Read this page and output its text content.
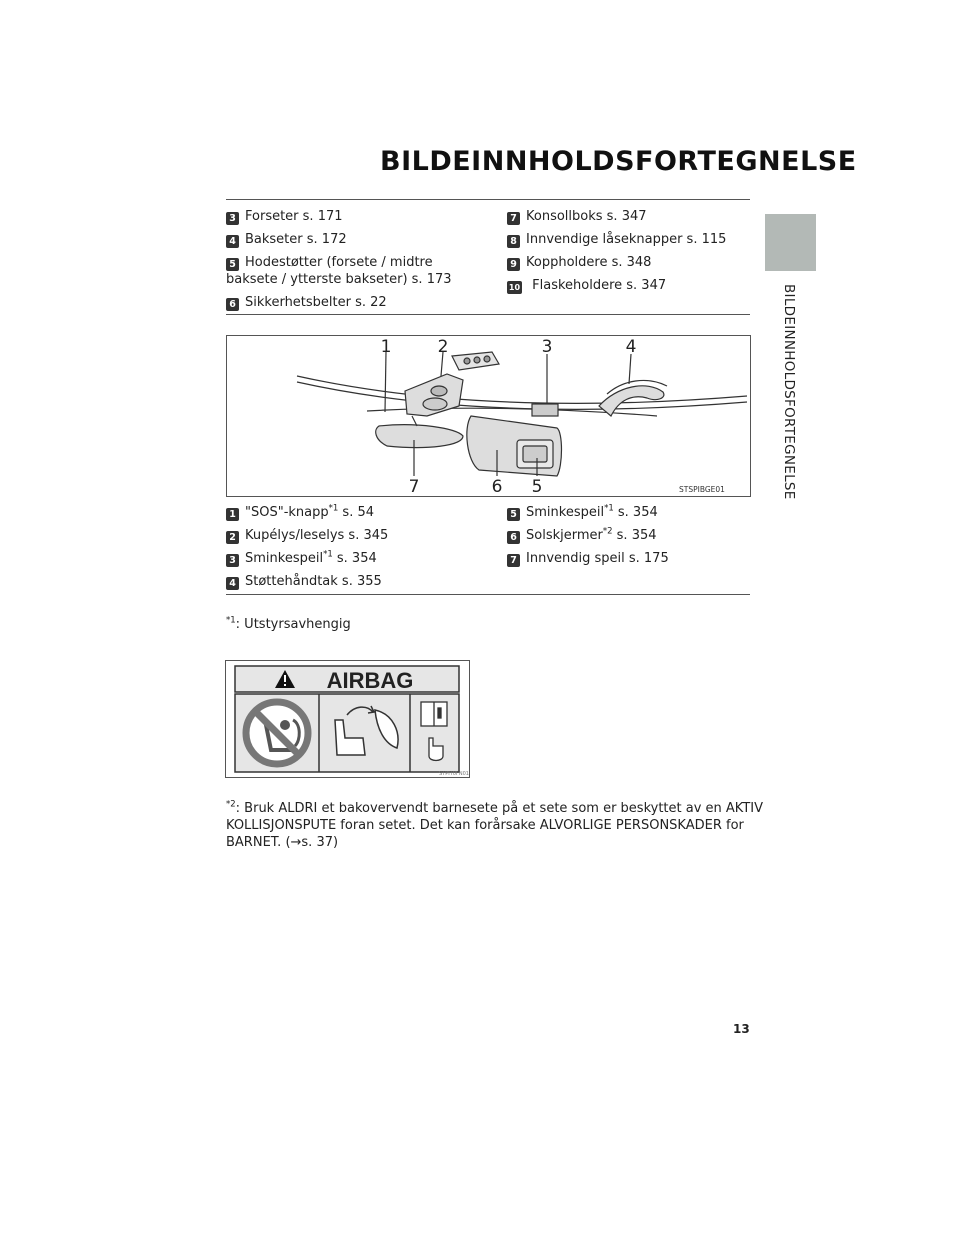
BILDEINNHOLDSFORTEGNELSE
BILDEINNHOLDSFORTEGNELSE
3 Forseter s. 171
4 Bakseter s. 172
5 Hodestøtter (forsete / midtre
baksete / ytterste bakseter) s. 173
6 Sikkerhetsbelter s. 22
7 Konsollboks s. 347
8 Innvendige låseknapper s. 115
9 Koppholdere s. 348
10 Flaskeholdere s. 347
1	2	3	4
7	6 5	STSPIBGE01
1 "SOS"-knapp$^{*1}$ s. 54
2 Kupélys/leselys s. 345
3 Sminkespeil$^{*1}$ s. 354
4 Støttehåndtak s. 355
5 Sminkespeil$^{*1}$ s. 354
6 Solskjermer$^{*2}$ s. 354
7 Innvendig speil s. 175
$^{*1}$: Utstyrsavhengig
AIRBAG
STPIT0FN01
$^{*2}$: Bruk ALDRI et bakovervendt barnesete på et sete som er beskyttet av en AKTIV
KOLLISJONSPUTE foran setet. Det kan forårsake ALVORLIGE PERSONSKADER for
BARNET. (→s. 37)
13
